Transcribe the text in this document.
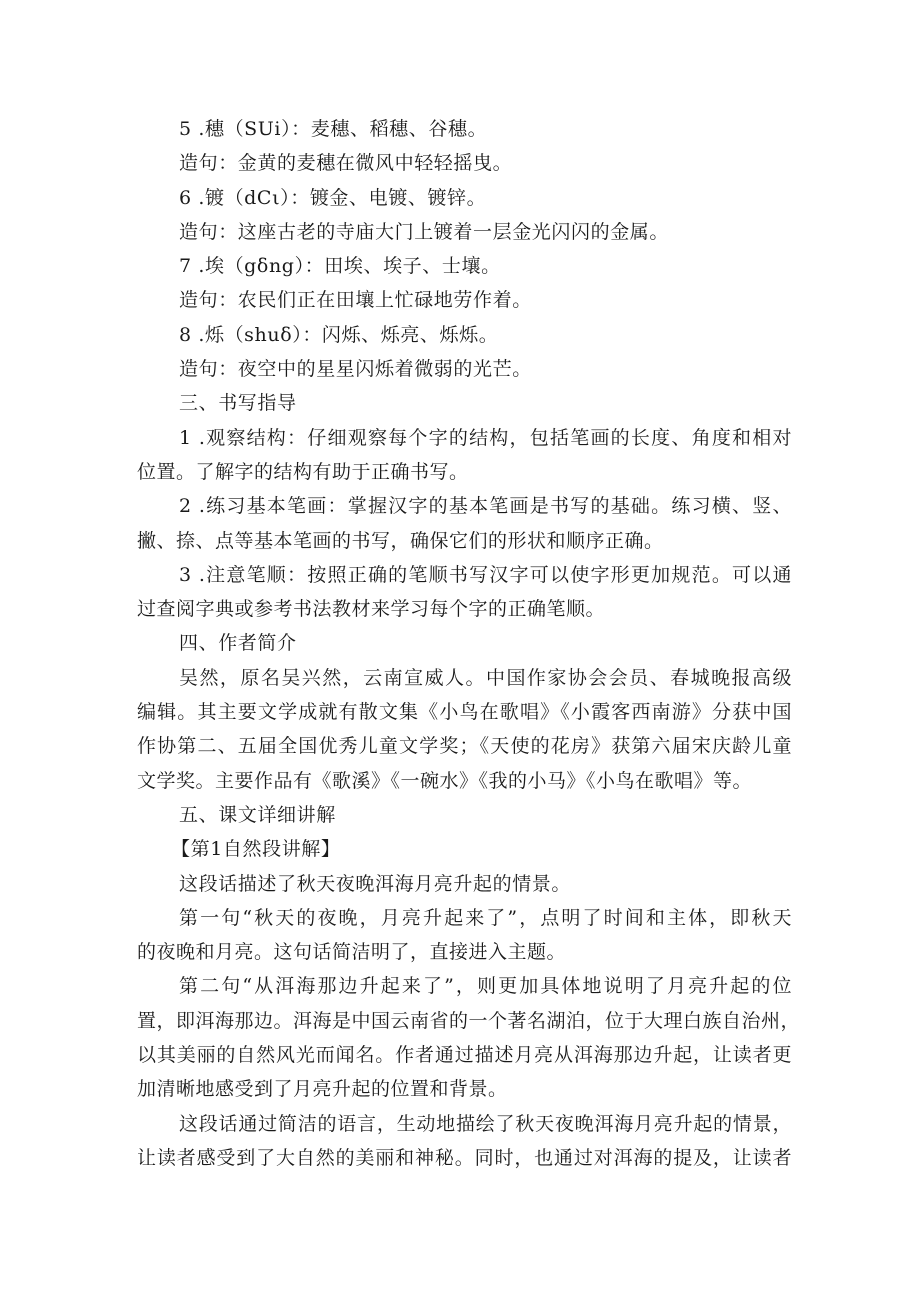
5 .穗（SUi）：麦穗、稻穗、谷穗。
造句：金黄的麦穗在微风中轻轻摇曳。
6 .镀（dCι）：镀金、电镀、镀锌。
造句：这座古老的寺庙大门上镀着一层金光闪闪的金属。
7 .埃（gδng）：田埃、埃子、士壤。
造句：农民们正在田壤上忙碌地劳作着。
8 .烁（shuδ）：闪烁、烁亮、烁烁。
造句：夜空中的星星闪烁着微弱的光芒。
三、书写指导
1 .观察结构：仔细观察每个字的结构，包括笔画的长度、角度和相对
位置。了解字的结构有助于正确书写。
2 .练习基本笔画：掌握汉字的基本笔画是书写的基础。练习横、竖、
撇、捺、点等基本笔画的书写，确保它们的形状和顺序正确。
3 .注意笔顺：按照正确的笔顺书写汉字可以使字形更加规范。可以通
过查阅字典或参考书法教材来学习每个字的正确笔顺。
四、作者简介
吴然，原名吴兴然，云南宣威人。中国作家协会会员、春城晚报高级
编辑。其主要文学成就有散文集《小鸟在歌唱》《小霞客西南游》分获中国
作协第二、五届全国优秀儿童文学奖；《天使的花房》获第六届宋庆龄儿童
文学奖。主要作品有《歌溪》《一碗水》《我的小马》《小鸟在歌唱》等。
五、课文详细讲解
【第1自然段讲解】
这段话描述了秋天夜晚洱海月亮升起的情景。
第一句“秋天的夜晚，月亮升起来了”，点明了时间和主体，即秋天
的夜晚和月亮。这句话简洁明了，直接进入主题。
第二句“从洱海那边升起来了”，则更加具体地说明了月亮升起的位
置，即洱海那边。洱海是中国云南省的一个著名湖泊，位于大理白族自治州，
以其美丽的自然风光而闻名。作者通过描述月亮从洱海那边升起，让读者更
加清晰地感受到了月亮升起的位置和背景。
这段话通过简洁的语言，生动地描绘了秋天夜晚洱海月亮升起的情景，
让读者感受到了大自然的美丽和神秘。同时，也通过对洱海的提及，让读者
